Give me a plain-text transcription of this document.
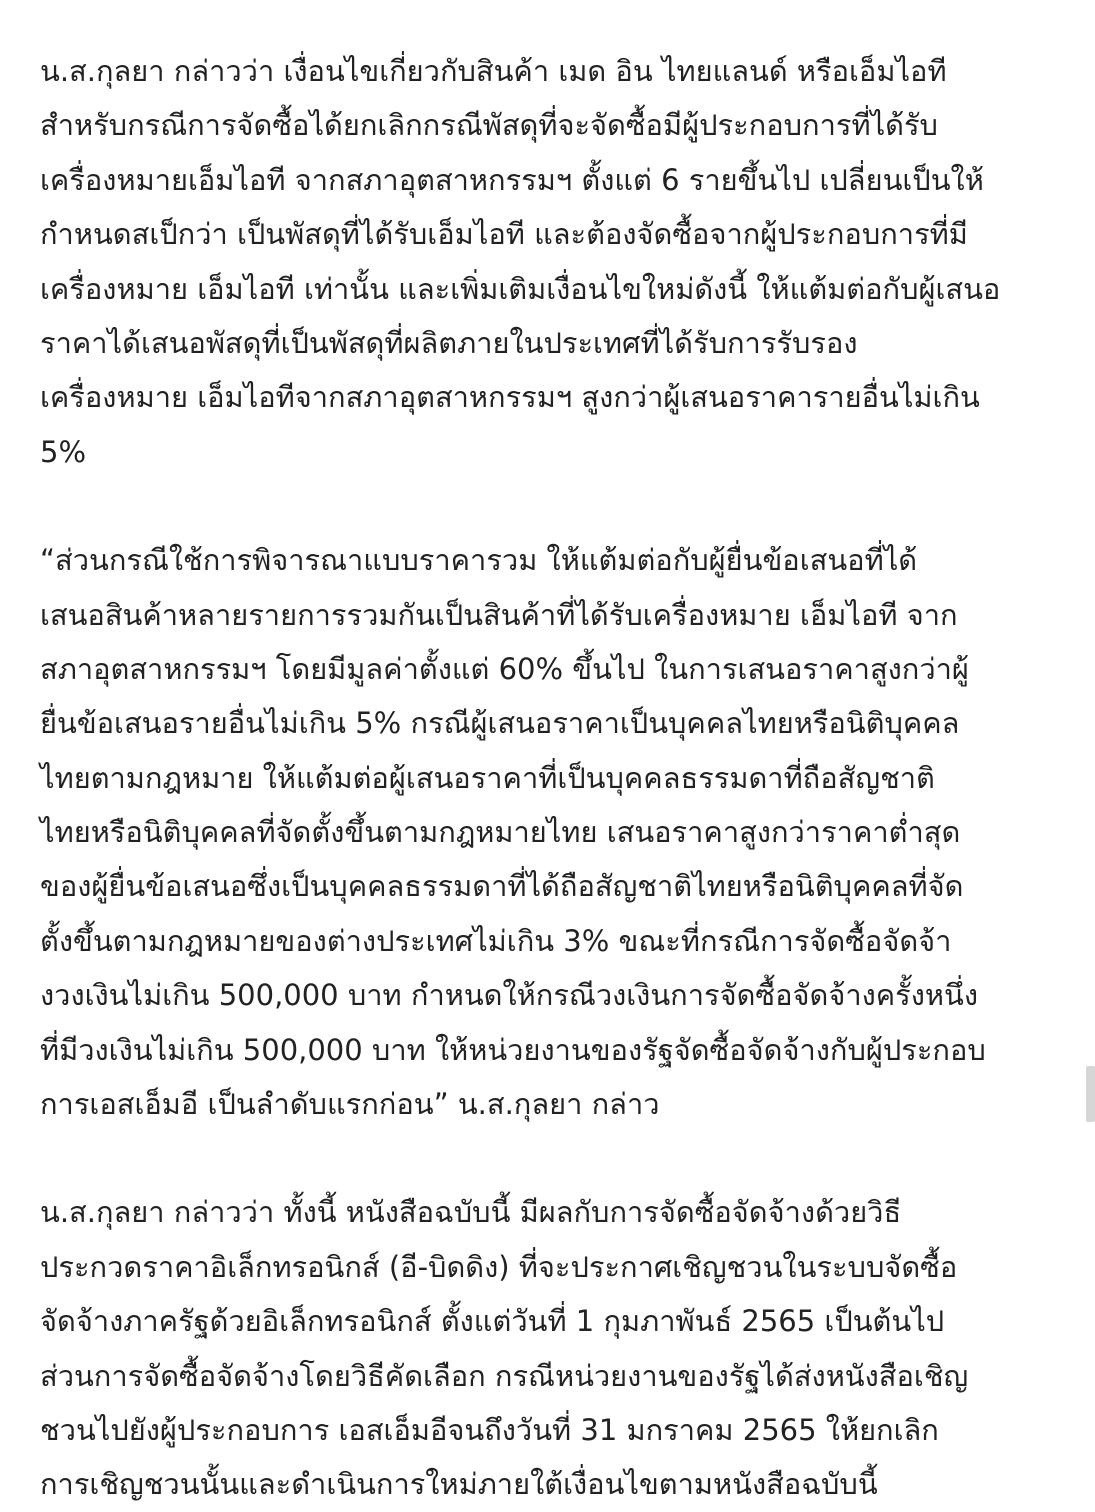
น.ส.กุลยา กล่าวว่า เงื่อนไขเกี่ยวกับสินค้า เมด อิน ไทยแลนด์ หรือเอ็มไอที
สำหรับกรณีการจัดซื้อได้ยกเลิกกรณีพัสดุที่จะจัดซื้อมีผู้ประกอบการที่ได้รับ
เครื่องหมายเอ็มไอที จากสภาอุตสาหกรรมฯ ตั้งแต่ 6 รายขึ้นไป เปลี่ยนเป็นให้
กำหนดสเป็กว่า เป็นพัสดุที่ได้รับเอ็มไอที และต้องจัดซื้อจากผู้ประกอบการที่มี
เครื่องหมาย เอ็มไอที เท่านั้น และเพิ่มเติมเงื่อนไขใหม่ดังนี้ ให้แต้มต่อกับผู้เสนอ
ราคาได้เสนอพัสดุที่เป็นพัสดุที่ผลิตภายในประเทศที่ได้รับการรับรอง
เครื่องหมาย เอ็มไอทีจากสภาอุตสาหกรรมฯ สูงกว่าผู้เสนอราคารายอื่นไม่เกิน
5%
“ส่วนกรณีใช้การพิจารณาแบบราคารวม ให้แต้มต่อกับผู้ยื่นข้อเสนอที่ได้
เสนอสินค้าหลายรายการรวมกันเป็นสินค้าที่ได้รับเครื่องหมาย เอ็มไอที จาก
สภาอุตสาหกรรมฯ โดยมีมูลค่าตั้งแต่ 60% ขึ้นไป ในการเสนอราคาสูงกว่าผู้
ยื่นข้อเสนอรายอื่นไม่เกิน 5% กรณีผู้เสนอราคาเป็นบุคคลไทยหรือนิติบุคคล
ไทยตามกฎหมาย ให้แต้มต่อผู้เสนอราคาที่เป็นบุคคลธรรมดาที่ถือสัญชาติ
ไทยหรือนิติบุคคลที่จัดตั้งขึ้นตามกฎหมายไทย เสนอราคาสูงกว่าราคาต่ำสุด
ของผู้ยื่นข้อเสนอซึ่งเป็นบุคคลธรรมดาที่ได้ถือสัญชาติไทยหรือนิติบุคคลที่จัด
ตั้งขึ้นตามกฎหมายของต่างประเทศไม่เกิน 3% ขณะที่กรณีการจัดซื้อจัดจ้า
งวงเงินไม่เกิน 500,000 บาท กำหนดให้กรณีวงเงินการจัดซื้อจัดจ้างครั้งหนึ่ง
ที่มีวงเงินไม่เกิน 500,000 บาท ให้หน่วยงานของรัฐจัดซื้อจัดจ้างกับผู้ประกอบ
การเอสเอ็มอี เป็นลำดับแรกก่อน” น.ส.กุลยา กล่าว
น.ส.กุลยา กล่าวว่า ทั้งนี้ หนังสือฉบับนี้ มีผลกับการจัดซื้อจัดจ้างด้วยวิธี
ประกวดราคาอิเล็กทรอนิกส์ (อี-บิดดิง) ที่จะประกาศเชิญชวนในระบบจัดซื้อ
จัดจ้างภาครัฐด้วยอิเล็กทรอนิกส์ ตั้งแต่วันที่ 1 กุมภาพันธ์ 2565 เป็นต้นไป
ส่วนการจัดซื้อจัดจ้างโดยวิธีคัดเลือก กรณีหน่วยงานของรัฐได้ส่งหนังสือเชิญ
ชวนไปยังผู้ประกอบการ เอสเอ็มอีจนถึงวันที่ 31 มกราคม 2565 ให้ยกเลิก
การเชิญชวนนั้นและดำเนินการใหม่ภายใต้เงื่อนไขตามหนังสือฉบับนี้
